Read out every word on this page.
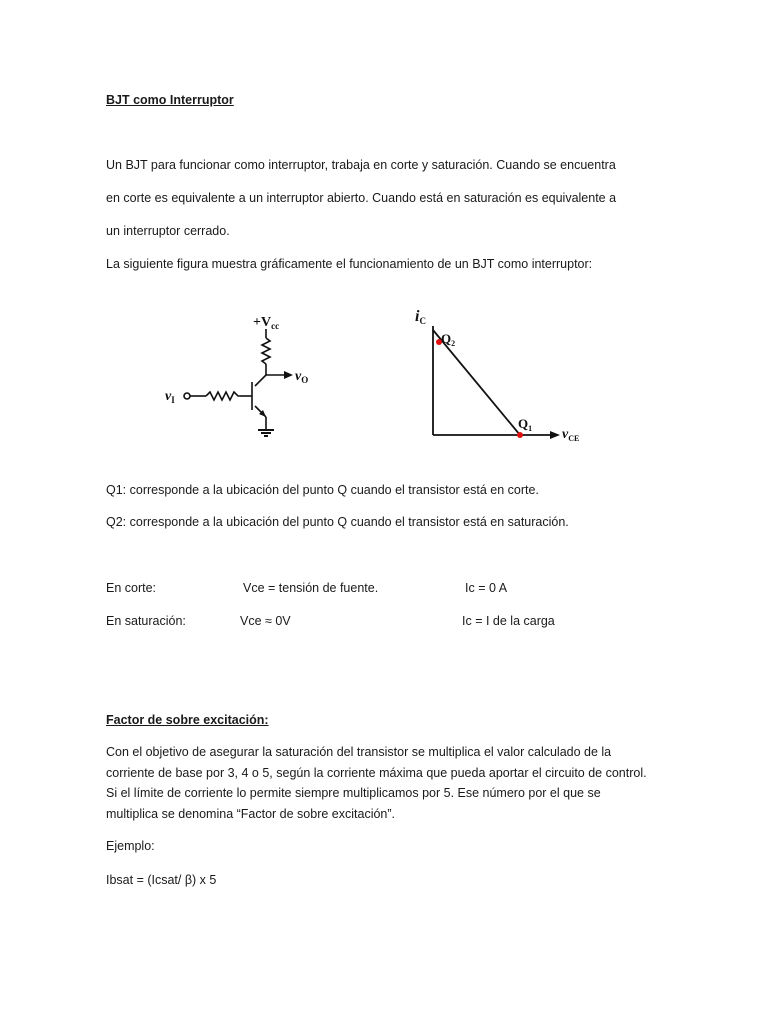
BJT como Interruptor
Un BJT para funcionar como interruptor, trabaja en corte y saturación. Cuando se encuentra
en corte es equivalente a un interruptor abierto. Cuando está en saturación es equivalente a
un interruptor cerrado.
La siguiente figura muestra gráficamente el funcionamiento de un BJT como interruptor:
$+V_{cc}$
$v_O$
$v_I$
iC
$v_{CE}$
$Q_2$
$Q_1$
Q1: corresponde a la ubicación del punto Q cuando el transistor está en corte.
Q2: corresponde a la ubicación del punto Q cuando el transistor está en saturación.
En corte:	Vce = tensión de fuente.	Ic = 0 A
En saturación:	Vce ≈ 0V	Ic = I de la carga
Factor de sobre excitación:
Con el objetivo de asegurar la saturación del transistor se multiplica el valor calculado de la
corriente de base por 3, 4 o 5, según la corriente máxima que pueda aportar el circuito de control.
Si el límite de corriente lo permite siempre multiplicamos por 5. Ese número por el que se
multiplica se denomina “Factor de sobre excitación”.
Ejemplo:
Ibsat = (Icsat/ β) x 5
